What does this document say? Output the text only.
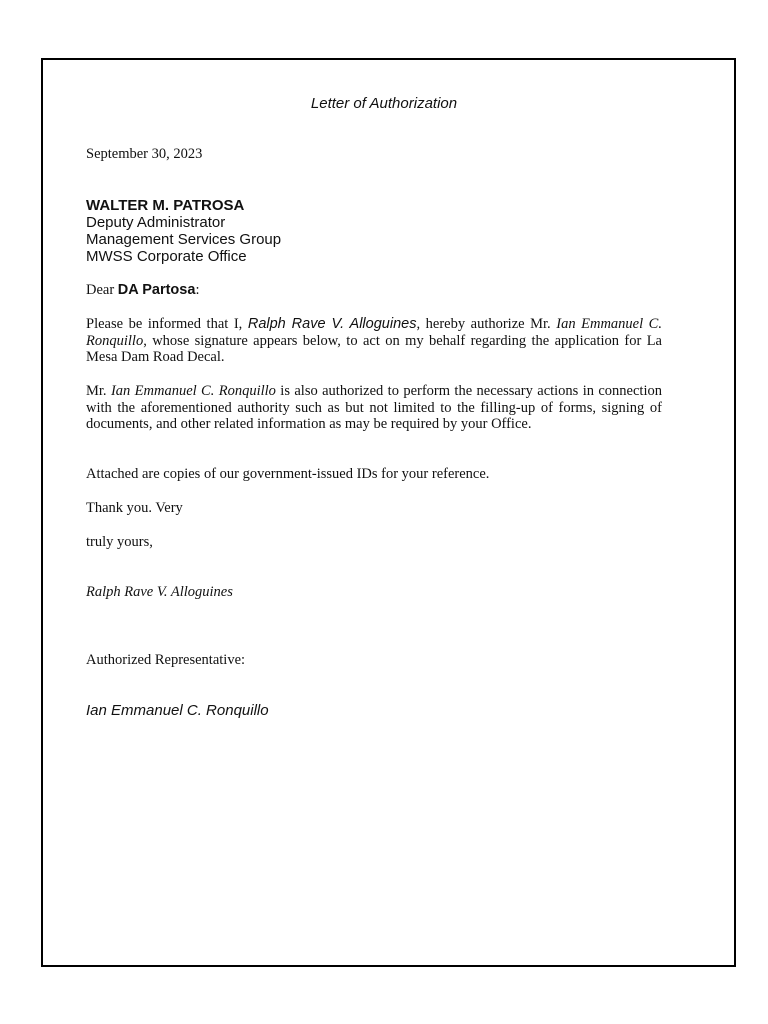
Letter of Authorization

September 30, 2023

WALTER M. PATROSA
Deputy Administrator
Management Services Group
MWSS Corporate Office

Dear DA Partosa:

Please be informed that I, Ralph Rave V. Alloguines, hereby authorize Mr. Ian Emmanuel C. Ronquillo, whose signature appears below, to act on my behalf regarding the application for La Mesa Dam Road Decal.

Mr. Ian Emmanuel C. Ronquillo is also authorized to perform the necessary actions in connection with the aforementioned authority such as but not limited to the filling-up of forms, signing of documents, and other related information as may be required by your Office.

Attached are copies of our government-issued IDs for your reference.

Thank you. Very

truly yours,

Ralph Rave V. Alloguines

Authorized Representative:

Ian Emmanuel C. Ronquillo
